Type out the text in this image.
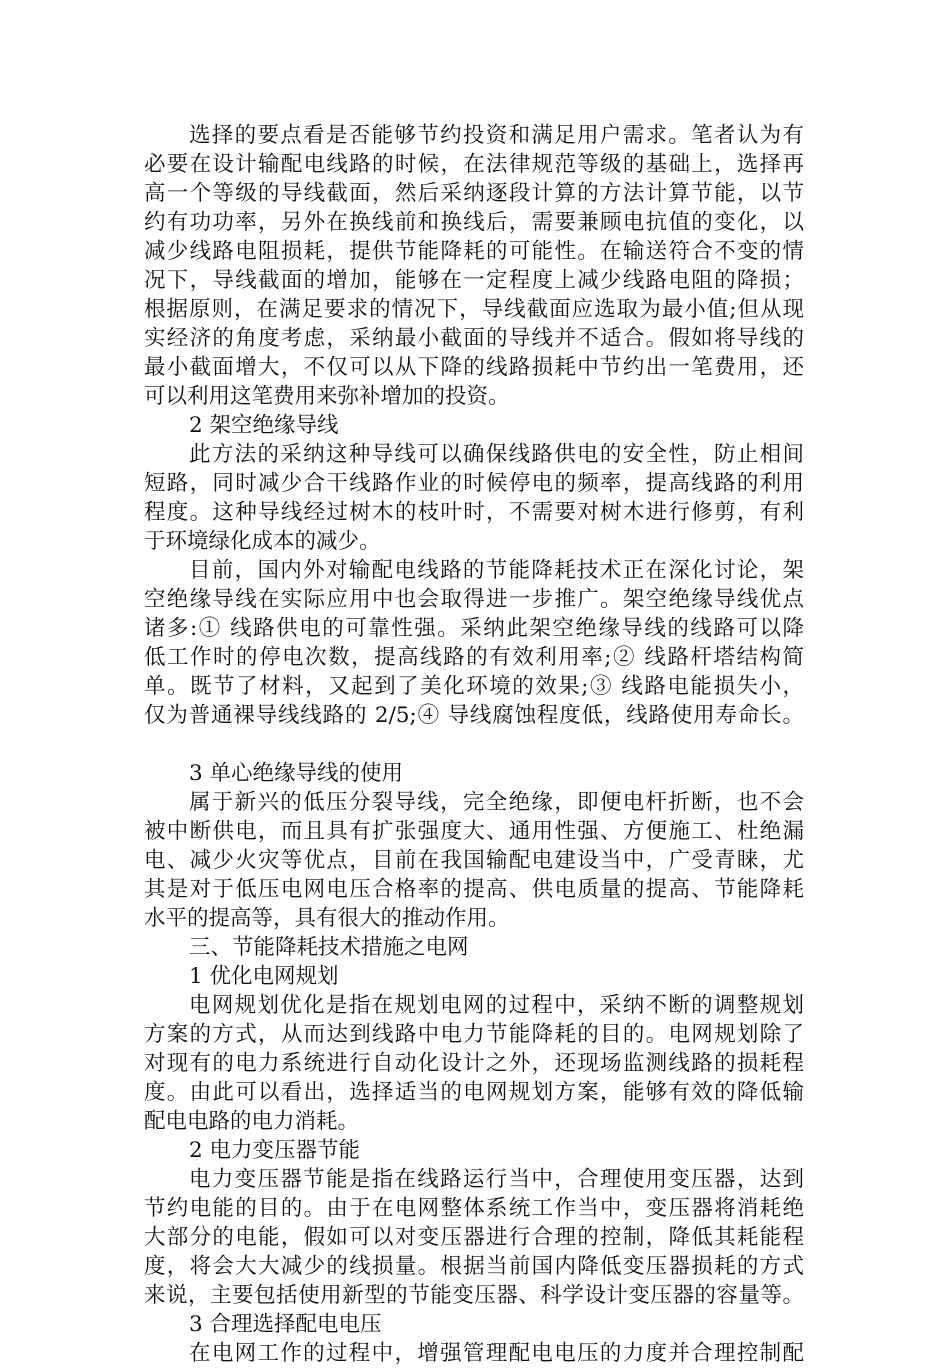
选择的要点看是否能够节约投资和满足用户需求。笔者认为有
必要在设计输配电线路的时候，在法律规范等级的基础上，选择再
高一个等级的导线截面，然后采纳逐段计算的方法计算节能，以节
约有功功率，另外在换线前和换线后，需要兼顾电抗值的变化，以
减少线路电阻损耗，提供节能降耗的可能性。在输送符合不变的情
况下，导线截面的增加，能够在一定程度上减少线路电阻的降损；
根据原则，在满足要求的情况下，导线截面应选取为最小值;但从现
实经济的角度考虑，采纳最小截面的导线并不适合。假如将导线的
最小截面增大，不仅可以从下降的线路损耗中节约出一笔费用，还
可以利用这笔费用来弥补增加的投资。
2 架空绝缘导线
此方法的采纳这种导线可以确保线路供电的安全性，防止相间
短路，同时减少合干线路作业的时候停电的频率，提高线路的利用
程度。这种导线经过树木的枝叶时，不需要对树木进行修剪，有利
于环境绿化成本的减少。
目前，国内外对输配电线路的节能降耗技术正在深化讨论，架
空绝缘导线在实际应用中也会取得进一步推广。架空绝缘导线优点
诸多:① 线路供电的可靠性强。采纳此架空绝缘导线的线路可以降
低工作时的停电次数，提高线路的有效利用率;② 线路杆塔结构简
单。既节了材料，又起到了美化环境的效果;③ 线路电能损失小，
仅为普通裸导线线路的 2/5;④ 导线腐蚀程度低，线路使用寿命长。
3 单心绝缘导线的使用
属于新兴的低压分裂导线，完全绝缘，即便电杆折断，也不会
被中断供电，而且具有扩张强度大、通用性强、方便施工、杜绝漏
电、减少火灾等优点，目前在我国输配电建设当中，广受青睐，尤
其是对于低压电网电压合格率的提高、供电质量的提高、节能降耗
水平的提高等，具有很大的推动作用。
三、节能降耗技术措施之电网
1 优化电网规划
电网规划优化是指在规划电网的过程中，采纳不断的调整规划
方案的方式，从而达到线路中电力节能降耗的目的。电网规划除了
对现有的电力系统进行自动化设计之外，还现场监测线路的损耗程
度。由此可以看出，选择适当的电网规划方案，能够有效的降低输
配电电路的电力消耗。
2 电力变压器节能
电力变压器节能是指在线路运行当中，合理使用变压器，达到
节约电能的目的。由于在电网整体系统工作当中，变压器将消耗绝
大部分的电能，假如可以对变压器进行合理的控制，降低其耗能程
度，将会大大减少的线损量。根据当前国内降低变压器损耗的方式
来说，主要包括使用新型的节能变压器、科学设计变压器的容量等。
3 合理选择配电电压
在电网工作的过程中，增强管理配电电压的力度并合理控制配
